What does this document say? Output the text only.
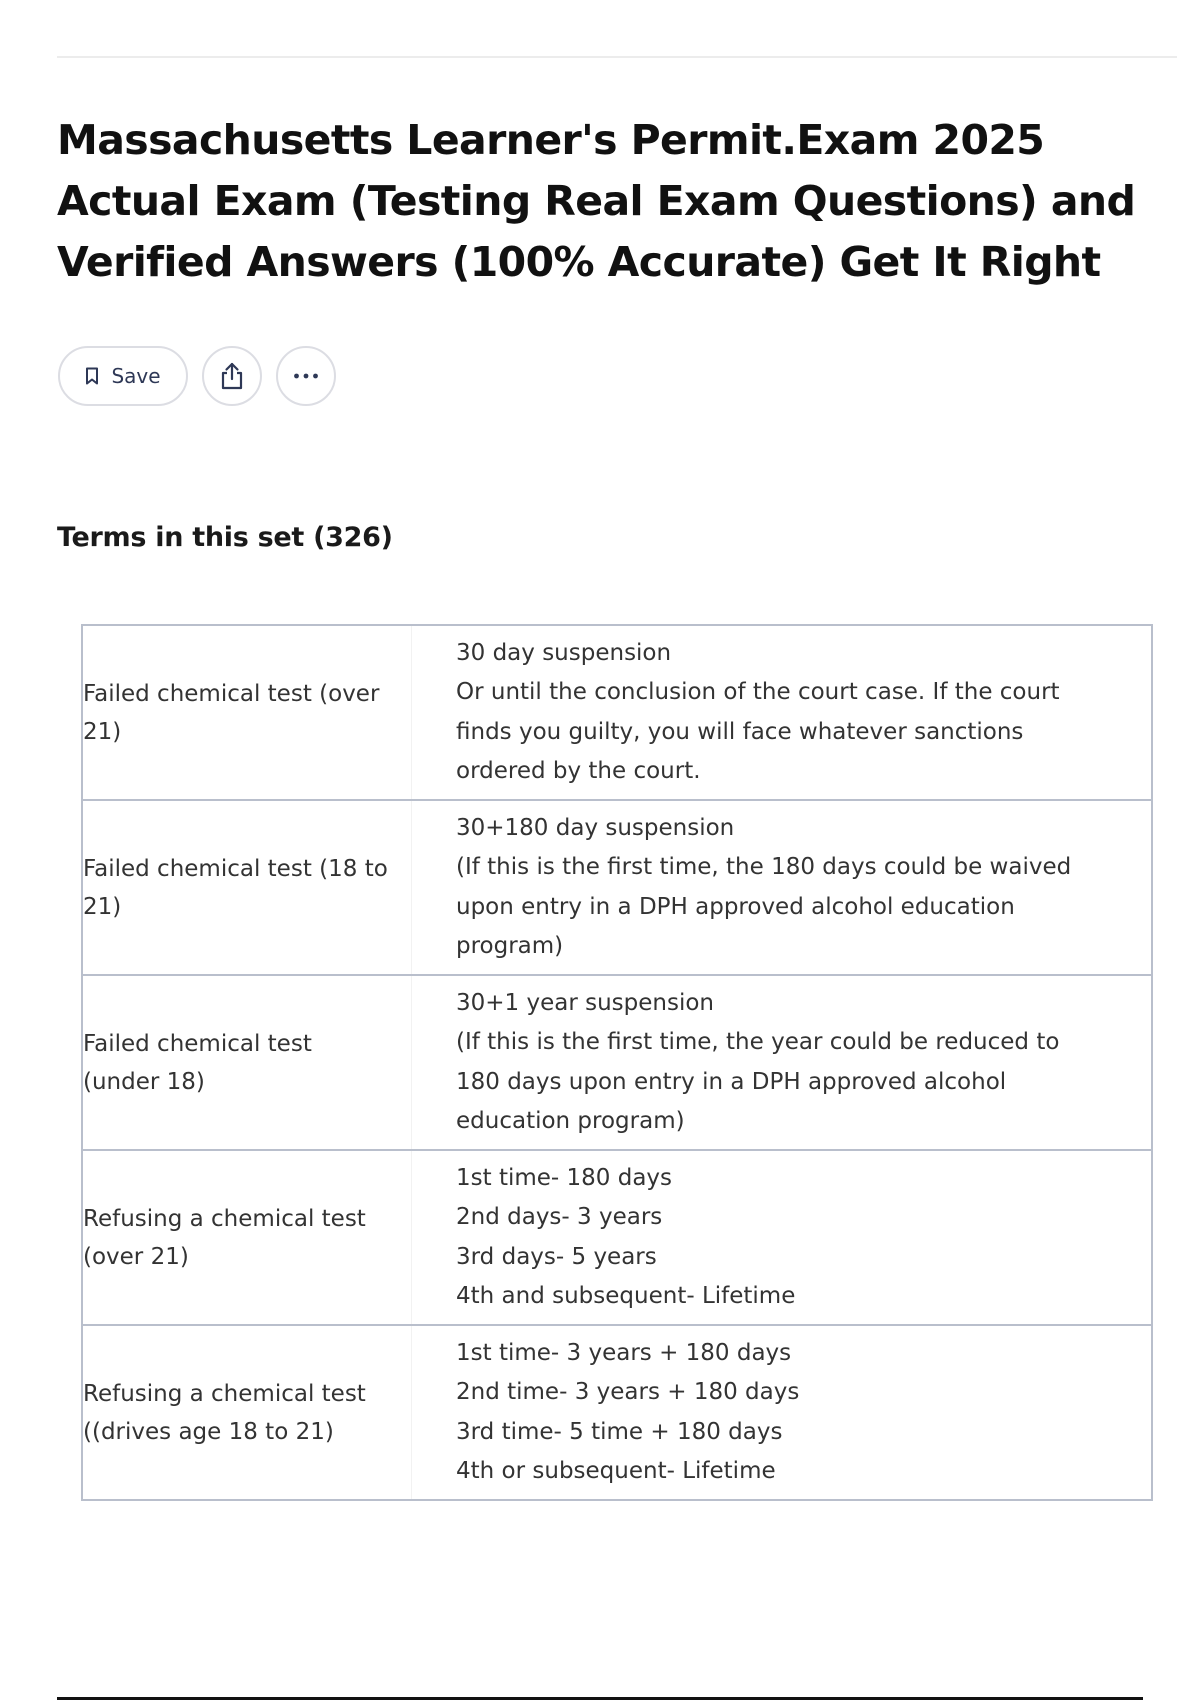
Massachusetts Learner's Permit.Exam 2025 Actual Exam (Testing Real Exam Questions) and Verified Answers (100% Accurate) Get It Right
Save
Terms in this set (326)
Failed chemical test (over 21)	30 day suspension
Or until the conclusion of the court case. If the court
finds you guilty, you will face whatever sanctions
ordered by the court.

Failed chemical test (18 to 21)	30+180 day suspension
(If this is the first time, the 180 days could be waived
upon entry in a DPH approved alcohol education
program)

Failed chemical test (under 18)	30+1 year suspension
(If this is the first time, the year could be reduced to
180 days upon entry in a DPH approved alcohol
education program)

Refusing a chemical test (over 21)	1st time- 180 days
2nd days- 3 years
3rd days- 5 years
4th and subsequent- Lifetime

Refusing a chemical test ((drives age 18 to 21)	1st time- 3 years + 180 days
2nd time- 3 years + 180 days
3rd time- 5 time + 180 days
4th or subsequent- Lifetime
